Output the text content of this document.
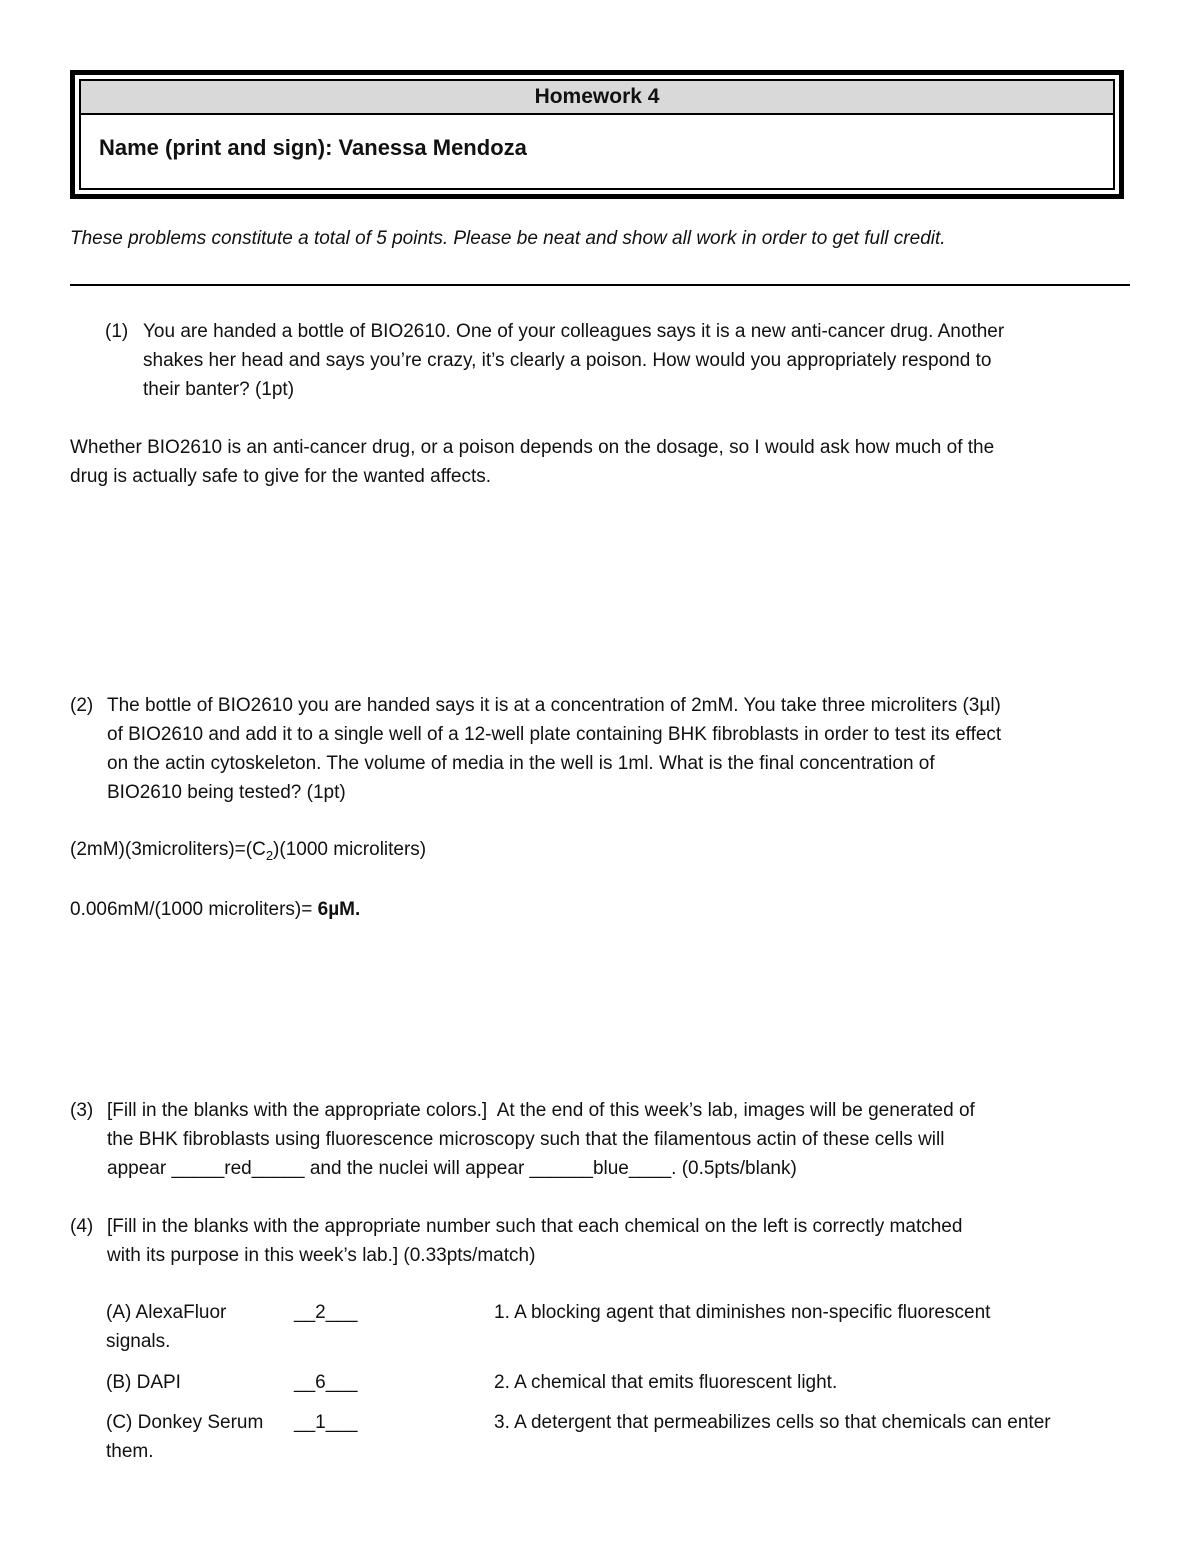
Homework 4
Name (print and sign): Vanessa Mendoza
These problems constitute a total of 5 points. Please be neat and show all work in order to get full credit.
(1) You are handed a bottle of BIO2610. One of your colleagues says it is a new anti-cancer drug. Another
shakes her head and says you’re crazy, it’s clearly a poison. How would you appropriately respond to
their banter? (1pt)
Whether BIO2610 is an anti-cancer drug, or a poison depends on the dosage, so I would ask how much of the
drug is actually safe to give for the wanted affects.
(2) The bottle of BIO2610 you are handed says it is at a concentration of 2mM. You take three microliters (3µl)
of BIO2610 and add it to a single well of a 12-well plate containing BHK fibroblasts in order to test its effect
on the actin cytoskeleton. The volume of media in the well is 1ml. What is the final concentration of
BIO2610 being tested? (1pt)
$(2mM)(3microliters)=(C_2)(1000$ microliters)
0.006mM/(1000 microliters)= 6µM.
(3) [Fill in the blanks with the appropriate colors.]  At the end of this week’s lab, images will be generated of
the BHK fibroblasts using fluorescence microscopy such that the filamentous actin of these cells will
appear _____red_____ and the nuclei will appear ______blue____. (0.5pts/blank)
(4) [Fill in the blanks with the appropriate number such that each chemical on the left is correctly matched
with its purpose in this week’s lab.] (0.33pts/match)
(A) AlexaFluor	__2___	1. A blocking agent that diminishes non-specific fluorescent
signals.
(B) DAPI	__6___	2. A chemical that emits fluorescent light.
(C) Donkey Serum __1___	3. A detergent that permeabilizes cells so that chemicals can enter
them.
